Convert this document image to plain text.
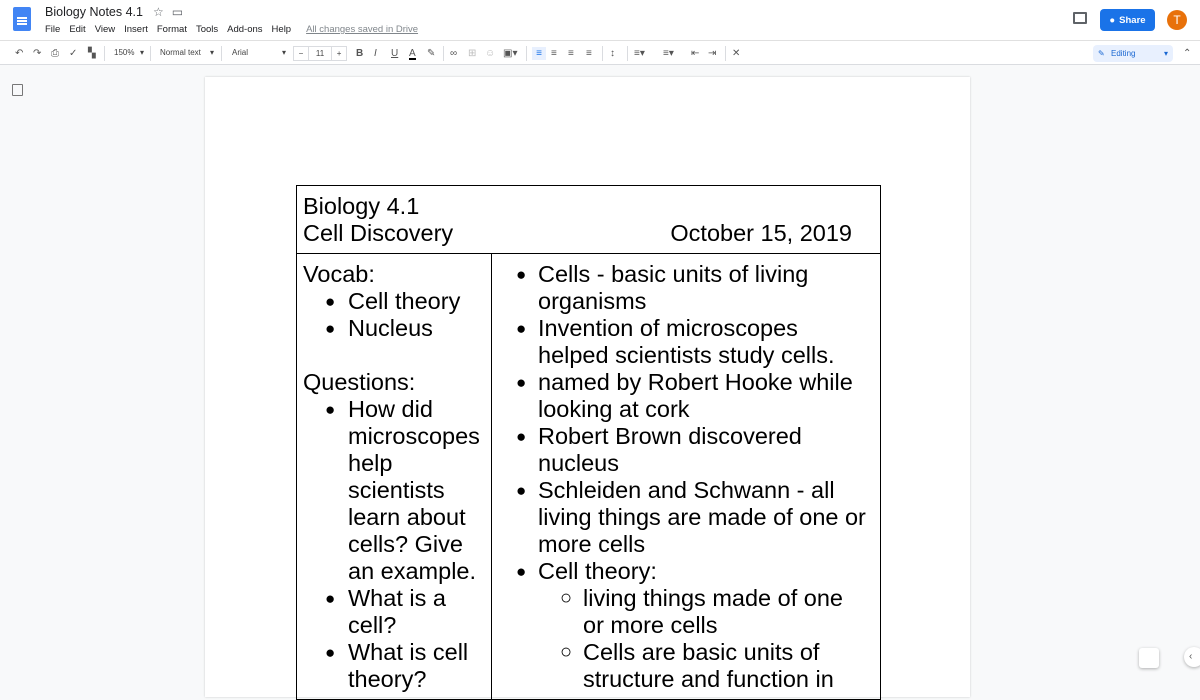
Biology Notes 4.1 ☆ ▭
File Edit View Insert Format Tools Add-ons Help All changes saved in Drive
● Share	T
↶ ↷ ⎙ ✓ ▚ 150% ▾ Normal text ▾ Arial	▾	−	11	+	B I U A ✎ ∞ ⊞ ☺ ▣▾	≡ ≡ ≡ ≡ ↕ ≡▾ ≡▾ ⇤ ⇥ ✕	✎ Editing	▾ ⌃
Biology 4.1
Cell Discovery	October 15, 2019

Vocab:
● Cell theory
● Nucleus
Questions:
● How did microscopes help scientists learn about cells? Give an example.
● What is a cell?
● What is cell theory?

● Cells - basic units of living organisms
● Invention of microscopes helped scientists study cells.
● named by Robert Hooke while looking at cork
● Robert Brown discovered nucleus
● Schleiden and Schwann - all living things are made of one or more cells
● Cell theory:
○ living things made of one or more cells
○ Cells are basic units of structure and function in
‹
